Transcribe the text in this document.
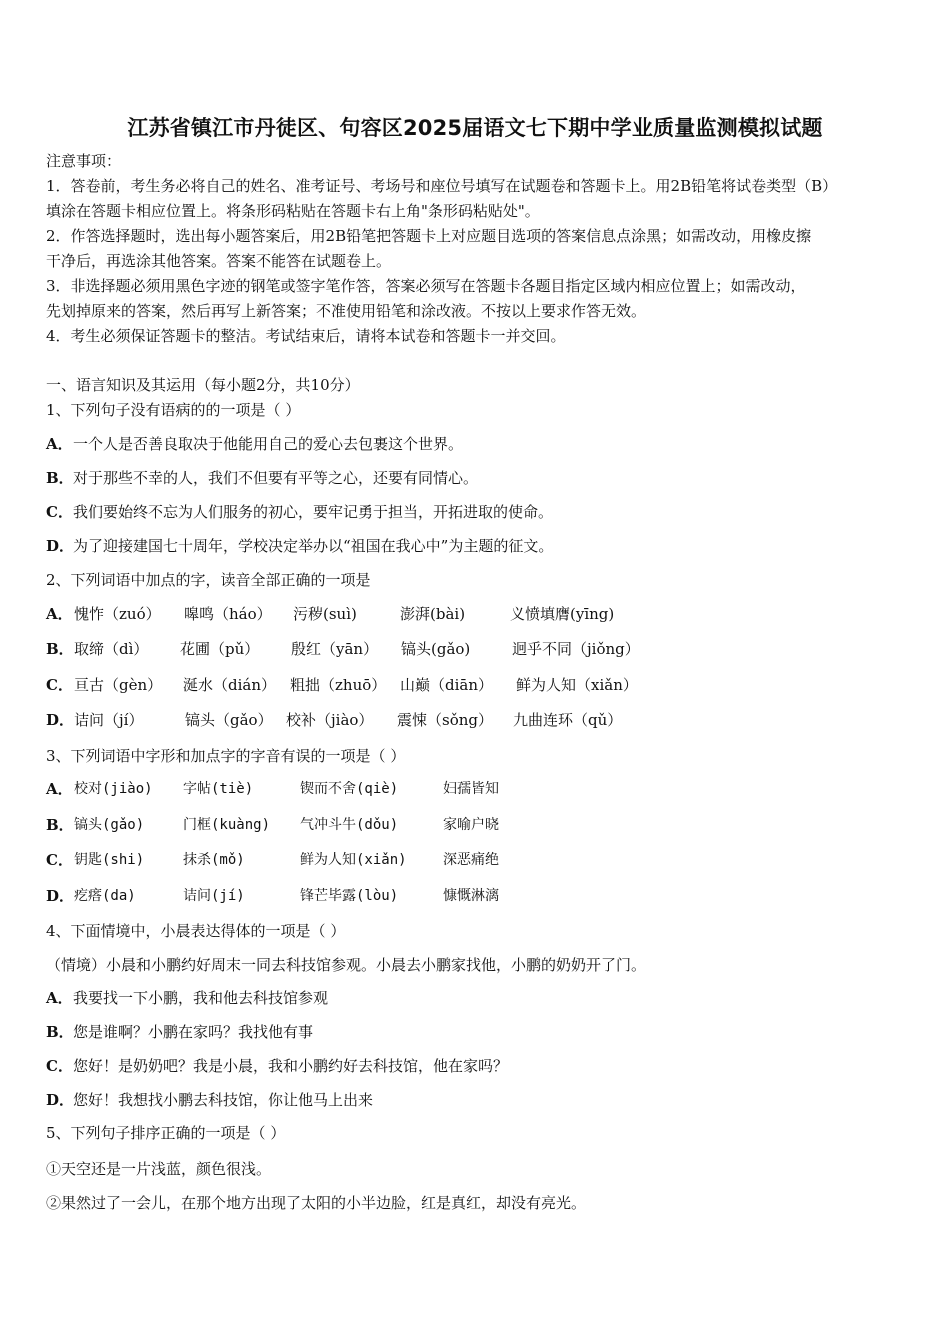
江苏省镇江市丹徒区、句容区2025届语文七下期中学业质量监测模拟试题
注意事项：
1．答卷前，考生务必将自己的姓名、准考证号、考场号和座位号填写在试题卷和答题卡上。用2B铅笔将试卷类型（B）
填涂在答题卡相应位置上。将条形码粘贴在答题卡右上角"条形码粘贴处"。
2．作答选择题时，选出每小题答案后，用2B铅笔把答题卡上对应题目选项的答案信息点涂黑；如需改动，用橡皮擦
干净后，再选涂其他答案。答案不能答在试题卷上。
3．非选择题必须用黑色字迹的钢笔或签字笔作答，答案必须写在答题卡各题目指定区域内相应位置上；如需改动，
先划掉原来的答案，然后再写上新答案；不准使用铅笔和涂改液。不按以上要求作答无效。
4．考生必须保证答题卡的整洁。考试结束后，请将本试卷和答题卡一并交回。
一、语言知识及其运用（每小题2分，共10分）
1、下列句子没有语病的的一项是（ ）
A．一个人是否善良取决于他能用自己的爱心去包裹这个世界。
B．对于那些不幸的人，我们不但要有平等之心，还要有同情心。
C．我们要始终不忘为人们服务的初心，要牢记勇于担当，开拓进取的使命。
D．为了迎接建国七十周年，学校决定举办以“祖国在我心中”为主题的征文。
2、下列词语中加点的字，读音全部正确的一项是
A． 愧怍（zuó） 嗥鸣（háo） 污秽(suì)	澎湃(bài)	义愤填膺(yīng)
B． 取缔（dì） 花圃（pǔ） 殷红（yān） 镐头(gǎo)	迥乎不同（jiǒng）
C． 亘古（gèn） 涎水（dián） 粗拙（zhuō） 山巅（diān） 鲜为人知（xiǎn）
D． 诘问（jí）	镐头（gǎo） 校补（jiào） 震悚（sǒng） 九曲连环（qǔ）
3、下列词语中字形和加点字的字音有误的一项是（ ）
A． 校对(jiào) 字帖(tiè)	锲而不舍(qiè)	妇孺皆知
B． 镐头(gǎo)	门框(kuàng) 气冲斗牛(dǒu)	家喻户晓
C． 钥匙(shi)	抹杀(mǒ)	鲜为人知(xiǎn)	深恶痛绝
D． 疙瘩(da)	诘问(jí)	锋芒毕露(lòu)	慷慨淋漓
4、下面情境中，小晨表达得体的一项是（ ）
（情境）小晨和小鹏约好周末一同去科技馆参观。小晨去小鹏家找他，小鹏的奶奶开了门。
A．我要找一下小鹏，我和他去科技馆参观
B．您是谁啊？小鹏在家吗？我找他有事
C．您好！是奶奶吧？我是小晨，我和小鹏约好去科技馆，他在家吗？
D．您好！我想找小鹏去科技馆，你让他马上出来
5、下列句子排序正确的一项是（ ）
①天空还是一片浅蓝，颜色很浅。
②果然过了一会儿，在那个地方出现了太阳的小半边脸，红是真红，却没有亮光。
